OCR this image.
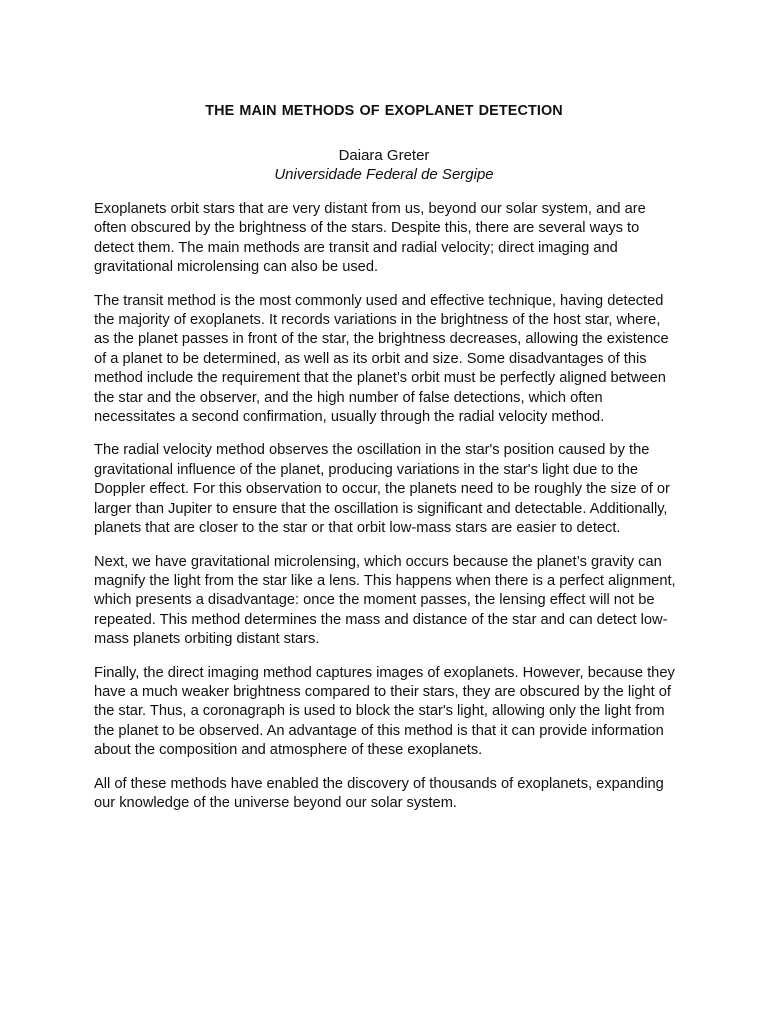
THE MAIN METHODS OF EXOPLANET DETECTION

Daiara Greter

Universidade Federal de Sergipe

Exoplanets orbit stars that are very distant from us, beyond our solar system, and are often obscured by the brightness of the stars. Despite this, there are several ways to detect them. The main methods are transit and radial velocity; direct imaging and gravitational microlensing can also be used.

The transit method is the most commonly used and effective technique, having detected the majority of exoplanets. It records variations in the brightness of the host star, where, as the planet passes in front of the star, the brightness decreases, allowing the existence of a planet to be determined, as well as its orbit and size. Some disadvantages of this method include the requirement that the planet’s orbit must be perfectly aligned between the star and the observer, and the high number of false detections, which often necessitates a second confirmation, usually through the radial velocity method.

The radial velocity method observes the oscillation in the star's position caused by the gravitational influence of the planet, producing variations in the star's light due to the Doppler effect. For this observation to occur, the planets need to be roughly the size of or larger than Jupiter to ensure that the oscillation is significant and detectable. Additionally, planets that are closer to the star or that orbit low-mass stars are easier to detect.

Next, we have gravitational microlensing, which occurs because the planet’s gravity can magnify the light from the star like a lens. This happens when there is a perfect alignment, which presents a disadvantage: once the moment passes, the lensing effect will not be repeated. This method determines the mass and distance of the star and can detect low-mass planets orbiting distant stars.

Finally, the direct imaging method captures images of exoplanets. However, because they have a much weaker brightness compared to their stars, they are obscured by the light of the star. Thus, a coronagraph is used to block the star's light, allowing only the light from the planet to be observed. An advantage of this method is that it can provide information about the composition and atmosphere of these exoplanets.

All of these methods have enabled the discovery of thousands of exoplanets, expanding our knowledge of the universe beyond our solar system.
